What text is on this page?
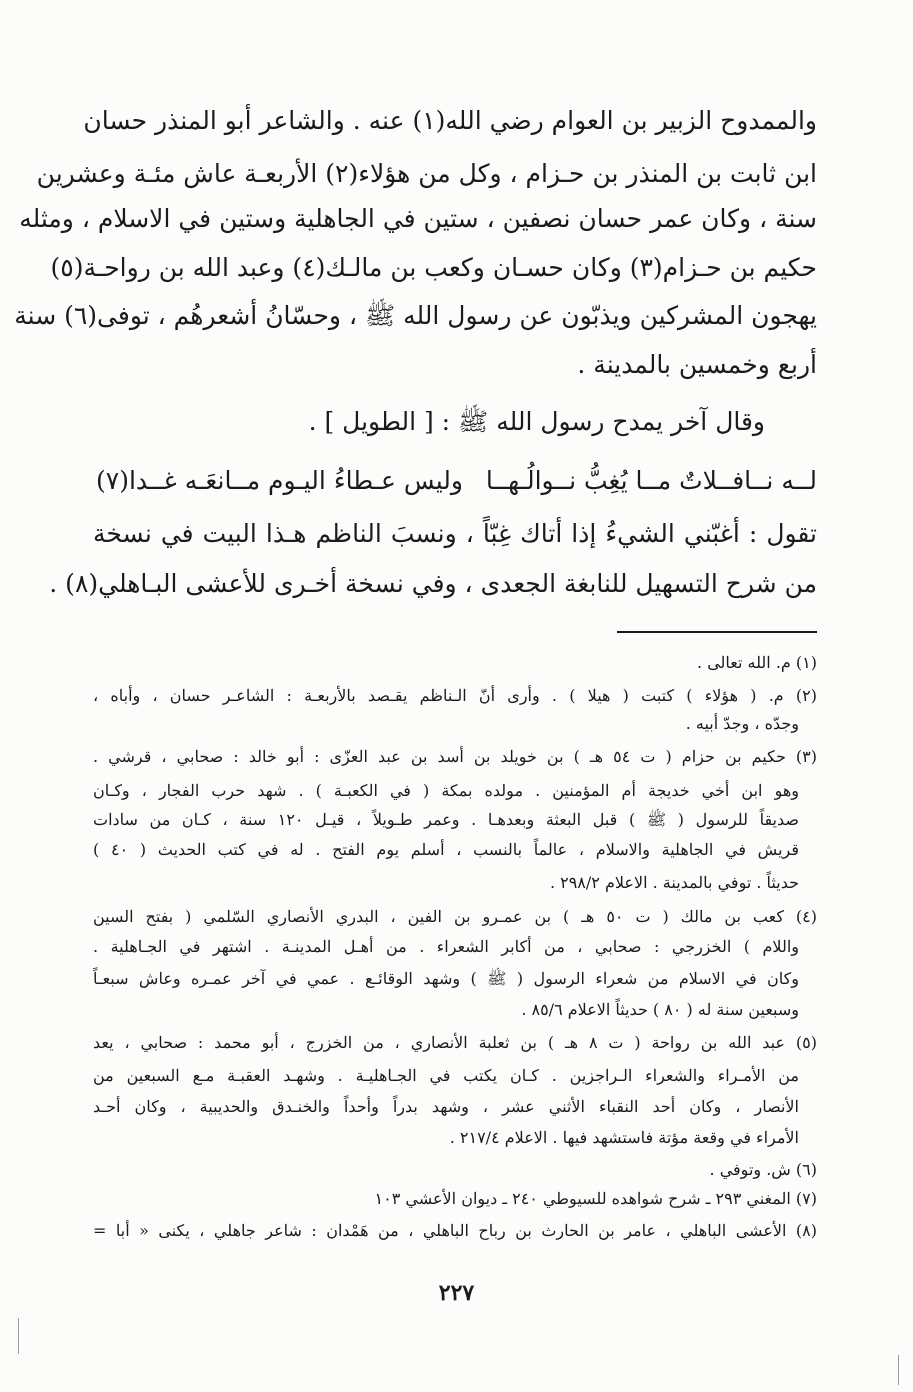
والممدوح الزبير بن العوام رضي الله(١) عنه . والشاعر أبو المنذر حسان
ابن ثابت بن المنذر بن حـزام ، وكل من هؤلاء(٢) الأربعـة عاش مئـة وعشرين
سنة ، وكان عمر حسان نصفين ، ستين في الجاهلية وستين في الاسلام ، ومثله
حكيم بن حـزام(٣) وكان حسـان وكعب بن مالـك(٤) وعبد الله بن رواحـة(٥)
يهجون المشركين ويذبّون عن رسول الله ﷺ ، وحسّانُ أشعرهُم ، توفى(٦) سنة
أربع وخمسين بالمدينة .
وقال آخر يمدح رسول الله ﷺ : [ الطويل ] .
لــه نــافــلاتٌ مــا يُغِبُّ نــوالُـهــا
وليس عـطاءُ اليـوم مــانعَـه غــدا(٧)
تقول : أغبّني الشيءُ إذا أتاك غِبّاً ، ونسبَ الناظم هـذا البيت في نسخة
من شرح التسهيل للنابغة الجعدى ، وفي نسخة أخـرى للأعشى البـاهلي(٨) .
(١) م. الله تعالى .
(٢) م. ( هؤلاء ) كتبت ( هيلا ) . وأرى أنّ الـناظم يقـصد بالأربعـة : الشاعـر حسان ، وأباه ،
وجدّه ، وجدّ أبيه .
(٣) حكيم بن حزام ( ت ٥٤ هـ ) بن خويلد بن أسد بن عبد العزّى : أبو خالد : صحابي ، قرشي .
وهو ابن أخي خديجة أم المؤمنين . مولده بمكة ( في الكعبـة ) . شهد حرب الفجار ، وكـان
صديقاً للرسول ( ﷺ ) قبل البعثة وبعدهـا . وعمر طـويلاً ، قيـل ١٢٠ سنة ، كـان من سادات
قريش في الجاهلية والاسلام ، عالماً بالنسب ، أسلم يوم الفتح . له في كتب الحديث ( ٤٠ )
حديثاً . توفي بالمدينة . الاعلام ٢٩٨/٢ .
(٤) كعب بن مالك ( ت ٥٠ هـ ) بن عمـرو بن الفين ، البدري الأنصاري السّلمي ( بفتح السين
واللام ) الخزرجي : صحابي ، من أكابر الشعراء . من أهـل المدينـة . اشتهر في الجـاهلية .
وكان في الاسلام من شعراء الرسول ( ﷺ ) وشهد الوقائـع . عمي في آخر عمـره وعاش سبعـاً
وسبعين سنة له ( ٨٠ ) حديثاً الاعلام ٨٥/٦ .
(٥) عبد الله بن رواحة ( ت ٨ هـ ) بن ثعلبة الأنصاري ، من الخزرج ، أبو محمد : صحابي ، يعد
من الأمـراء والشعراء الـراجزين . كـان يكتب في الجـاهليـة . وشهـد العقبـة مـع السبعين من
الأنصار ، وكان أحد النقباء الأثني عشر ، وشهد بدراً وأحداً والخنـدق والحديبية ، وكان أحـد
الأمراء في وقعة مؤتة فاستشهد فيها . الاعلام ٢١٧/٤ .
(٦) ش. وتوفي .
(٧) المغني ٢٩٣ ـ شرح شواهده للسيوطي ٢٤٠ ـ ديوان الأعشي ١٠٣
(٨) الأعشى الباهلي ، عامر بن الحارث بن رباح الباهلي ، من هَمْدان : شاعر جاهلي ، يكنى « أبا =
٢٢٧
